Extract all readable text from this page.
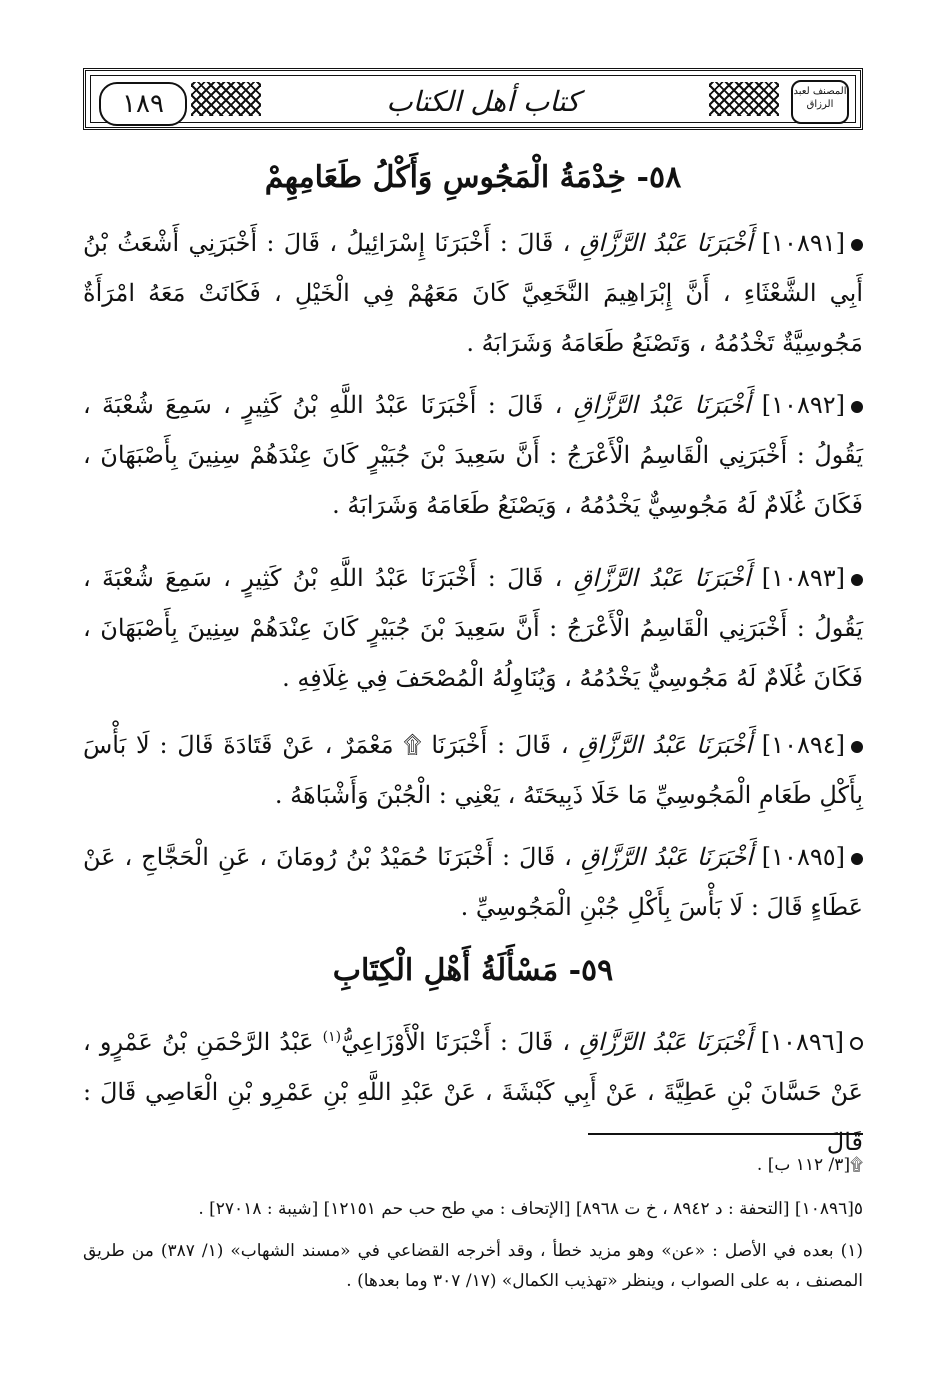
١٨٩	كتاب أهل الكتاب	المصنف لعبد الرزاق
٥٨- خِدْمَةُ الْمَجُوسِ وَأَكْلُ طَعَامِهِمْ
[١٠٨٩١] أَخْبَرَنَا عَبْدُ الرَّزَّاقِ ، قَالَ : أَخْبَرَنَا إِسْرَائِيلُ ، قَالَ : أَخْبَرَنِي أَشْعَثُ بْنُ أَبِي الشَّعْثَاءِ ، أَنَّ إِبْرَاهِيمَ النَّخَعِيَّ كَانَ مَعَهُمْ فِي الْخَيْلِ ، فَكَانَتْ مَعَهُ امْرَأَةٌ مَجُوسِيَّةٌ تَخْدُمُهُ ، وَتَصْنَعُ طَعَامَهُ وَشَرَابَهُ .
[١٠٨٩٢] أَخْبَرَنَا عَبْدُ الرَّزَّاقِ ، قَالَ : أَخْبَرَنَا عَبْدُ اللَّهِ بْنُ كَثِيرٍ ، سَمِعَ شُعْبَةَ ، يَقُولُ : أَخْبَرَنِي الْقَاسِمُ الْأَعْرَجُ : أَنَّ سَعِيدَ بْنَ جُبَيْرٍ كَانَ عِنْدَهُمْ سِنِينَ بِأَصْبَهَانَ ، فَكَانَ غُلَامٌ لَهُ مَجُوسِيٌّ يَخْدُمُهُ ، وَيَصْنَعُ طَعَامَهُ وَشَرَابَهُ .
[١٠٨٩٣] أَخْبَرَنَا عَبْدُ الرَّزَّاقِ ، قَالَ : أَخْبَرَنَا عَبْدُ اللَّهِ بْنُ كَثِيرٍ ، سَمِعَ شُعْبَةَ ، يَقُولُ : أَخْبَرَنِي الْقَاسِمُ الْأَعْرَجُ : أَنَّ سَعِيدَ بْنَ جُبَيْرٍ كَانَ عِنْدَهُمْ سِنِينَ بِأَصْبَهَانَ ، فَكَانَ غُلَامٌ لَهُ مَجُوسِيٌّ يَخْدُمُهُ ، وَيُنَاوِلُهُ الْمُصْحَفَ فِي غِلَافِهِ .
[١٠٨٩٤] أَخْبَرَنَا عَبْدُ الرَّزَّاقِ ، قَالَ : أَخْبَرَنَا ۩ مَعْمَرٌ ، عَنْ قَتَادَةَ قَالَ : لَا بَأْسَ بِأَكْلِ طَعَامِ الْمَجُوسِيِّ مَا خَلَا ذَبِيحَتَهُ ، يَعْنِي : الْجُبْنَ وَأَشْبَاهَهُ .
[١٠٨٩٥] أَخْبَرَنَا عَبْدُ الرَّزَّاقِ ، قَالَ : أَخْبَرَنَا حُمَيْدُ بْنُ رُومَانَ ، عَنِ الْحَجَّاجِ ، عَنْ عَطَاءٍ قَالَ : لَا بَأْسَ بِأَكْلِ جُبْنِ الْمَجُوسِيِّ .
٥٩- مَسْأَلَةُ أَهْلِ الْكِتَابِ
[١٠٨٩٦] أَخْبَرَنَا عَبْدُ الرَّزَّاقِ ، قَالَ : أَخْبَرَنَا الْأَوْزَاعِيُّ$^{(١)}$ عَبْدُ الرَّحْمَنِ بْنُ عَمْرٍو ، عَنْ حَسَّانَ بْنِ عَطِيَّةَ ، عَنْ أَبِي كَبْشَةَ ، عَنْ عَبْدِ اللَّهِ بْنِ عَمْرِو بْنِ الْعَاصِي قَالَ : قَالَ
۩[٣/ ١١٢ ب] .
٥[١٠٨٩٦] [التحفة : د ٨٩٤٢ ، خ ت ٨٩٦٨] [الإتحاف : مي طح حب حم ١٢١٥١] [شيبة : ٢٧٠١٨] .
(١) بعده في الأصل : «عن» وهو مزيد خطأ ، وقد أخرجه القضاعي في «مسند الشهاب» (١/ ٣٨٧) من طريق المصنف ، به على الصواب ، وينظر «تهذيب الكمال» (١٧/ ٣٠٧ وما بعدها) .
